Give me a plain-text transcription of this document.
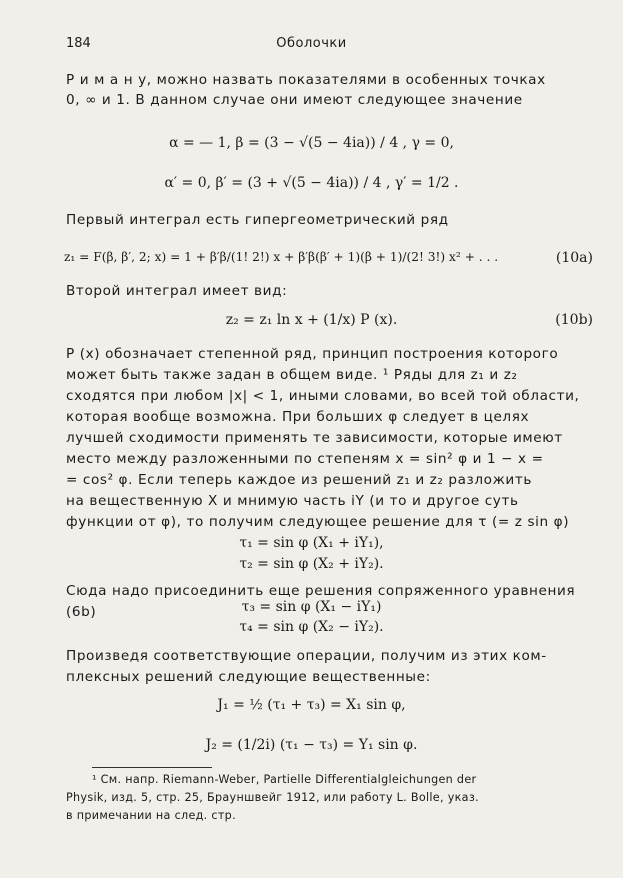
184	Оболочки
Р и м а н у, можно назвать показателями в особенных точках
0, ∞ и 1. В данном случае они имеют следующее значение
α = — 1, β = (3 − √(5 − 4ia)) / 4 , γ = 0,
α′ = 0, β′ = (3 + √(5 − 4ia)) / 4 , γ′ = 1/2 .
Первый интеграл есть гипергеометрический ряд
z₁ = F(β, β′, 2; x) = 1 + β′β/(1! 2!) x + β′β(β′ + 1)(β + 1)/(2! 3!) x² + . . .	(10a)
Второй интеграл имеет вид:
z₂ = z₁ ln x + (1/x) P (x).	(10b)
P (x) обозначает степенной ряд, принцип построения которого
может быть также задан в общем виде. ¹ Ряды для z₁ и z₂
сходятся при любом |x| < 1, иными словами, во всей той области,
которая вообще возможна. При больших φ следует в целях
лучшей сходимости применять те зависимости, которые имеют
место между разложенными по степеням x = sin² φ и 1 − x =
= cos² φ. Если теперь каждое из решений z₁ и z₂ разложить
на вещественную X и мнимую часть iY (и то и другое суть
функции от φ), то получим следующее решение для τ (= z sin φ)
τ₁ = sin φ (X₁ + iY₁),
τ₂ = sin φ (X₂ + iY₂).
Сюда надо присоединить еще решения сопряженного уравнения
(6b)	τ₃ = sin φ (X₁ − iY₁)
τ₄ = sin φ (X₂ − iY₂).
Произведя соответствующие операции, получим из этих ком-
плексных решений следующие вещественные:
J₁ = ½ (τ₁ + τ₃) = X₁ sin φ,
J₂ = (1/2i) (τ₁ − τ₃) = Y₁ sin φ.
¹ См. напр. Riemann-Weber, Partielle Differentialgleichungen der
Physik, изд. 5, стр. 25, Брауншвейг 1912, или работу L. Bolle, указ.
в примечании на след. стр.
